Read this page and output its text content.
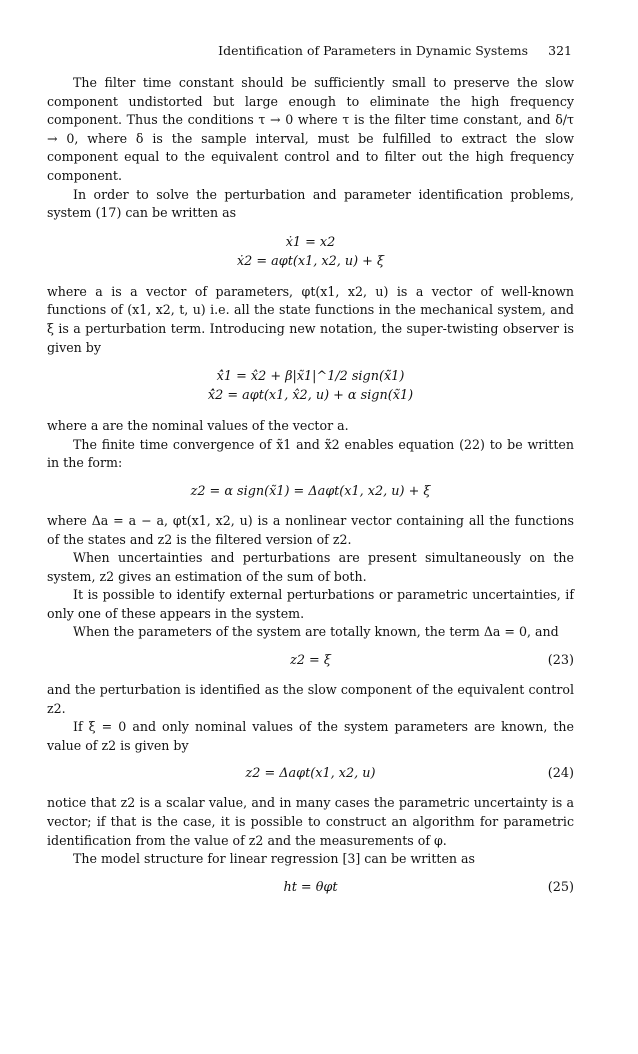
Identification of Parameters in Dynamic Systems 321

The filter time constant should be sufficiently small to preserve the slow component undistorted but large enough to eliminate the high frequency component. Thus the conditions τ → 0 where τ is the filter time constant, and δ/τ → 0, where δ is the sample interval, must be fulfilled to extract the slow component equal to the equivalent control and to filter out the high frequency component.

In order to solve the perturbation and parameter identification problems, system (17) can be written as

ẋ1 = x2
ẋ2 = aφt(x1, x2, u) + ξ

where a is a vector of parameters, φt(x1, x2, u) is a vector of well-known functions of (x1, x2, t, u) i.e. all the state functions in the mechanical system, and ξ is a perturbation term. Introducing new notation, the super-twisting observer is given by

x̂̇1 = x̂2 + β|x̃1|^1/2 sign(x̃1)
x̂̇2 = aφt(x1, x̂2, u) + α sign(x̃1)

where a are the nominal values of the vector a.

The finite time convergence of x̃1 and x̃2 enables equation (22) to be written in the form:

z2 = α sign(x̃1) = Δaφt(x1, x2, u) + ξ

where Δa = a − a, φt(x1, x2, u) is a nonlinear vector containing all the functions of the states and z2 is the filtered version of z2.

When uncertainties and perturbations are present simultaneously on the system, z2 gives an estimation of the sum of both.

It is possible to identify external perturbations or parametric uncertainties, if only one of these appears in the system.

When the parameters of the system are totally known, the term Δa = 0, and

z2 = ξ	(23)

and the perturbation is identified as the slow component of the equivalent control z2.

If ξ = 0 and only nominal values of the system parameters are known, the value of z2 is given by

z2 = Δaφt(x1, x2, u)	(24)

notice that z2 is a scalar value, and in many cases the parametric uncertainty is a vector; if that is the case, it is possible to construct an algorithm for parametric identification from the value of z2 and the measurements of φ.

The model structure for linear regression [3] can be written as

ht = θφt	(25)
